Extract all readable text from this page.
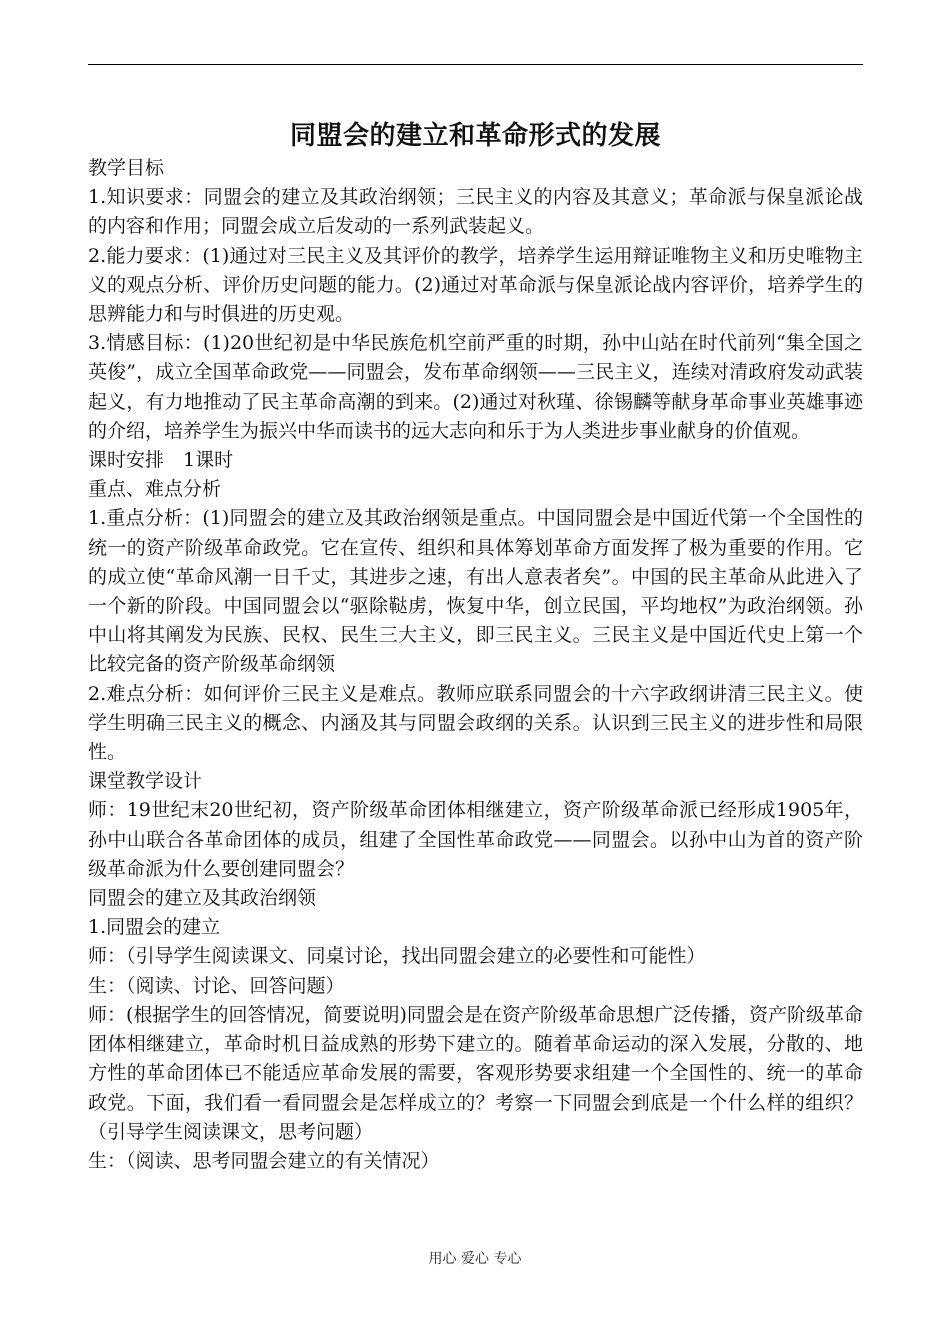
同盟会的建立和革命形式的发展

教学目标

1.知识要求：同盟会的建立及其政治纲领；三民主义的内容及其意义；革命派与保皇派论战的内容和作用；同盟会成立后发动的一系列武装起义。

2.能力要求：(1)通过对三民主义及其评价的教学，培养学生运用辩证唯物主义和历史唯物主义的观点分析、评价历史问题的能力。(2)通过对革命派与保皇派论战内容评价，培养学生的思辨能力和与时俱进的历史观。

3.情感目标：(1)20世纪初是中华民族危机空前严重的时期，孙中山站在时代前列“集全国之英俊”，成立全国革命政党——同盟会，发布革命纲领——三民主义，连续对清政府发动武装起义，有力地推动了民主革命高潮的到来。(2)通过对秋瑾、徐锡麟等献身革命事业英雄事迹的介绍，培养学生为振兴中华而读书的远大志向和乐于为人类进步事业献身的价值观。

课时安排　1课时

重点、难点分析

1.重点分析：(1)同盟会的建立及其政治纲领是重点。中国同盟会是中国近代第一个全国性的统一的资产阶级革命政党。它在宣传、组织和具体筹划革命方面发挥了极为重要的作用。它的成立使“革命风潮一日千丈，其进步之速，有出人意表者矣”。中国的民主革命从此进入了一个新的阶段。中国同盟会以“驱除鞑虏，恢复中华，创立民国，平均地权”为政治纲领。孙中山将其阐发为民族、民权、民生三大主义，即三民主义。三民主义是中国近代史上第一个比较完备的资产阶级革命纲领

2.难点分析：如何评价三民主义是难点。教师应联系同盟会的十六字政纲讲清三民主义。使学生明确三民主义的概念、内涵及其与同盟会政纲的关系。认识到三民主义的进步性和局限性。

课堂教学设计

师：19世纪末20世纪初，资产阶级革命团体相继建立，资产阶级革命派已经形成1905年，孙中山联合各革命团体的成员，组建了全国性革命政党——同盟会。以孙中山为首的资产阶级革命派为什么要创建同盟会？

同盟会的建立及其政治纲领

1.同盟会的建立

师：（引导学生阅读课文、同桌讨论，找出同盟会建立的必要性和可能性）

生：（阅读、讨论、回答问题）

师：(根据学生的回答情况，简要说明)同盟会是在资产阶级革命思想广泛传播，资产阶级革命团体相继建立，革命时机日益成熟的形势下建立的。随着革命运动的深入发展，分散的、地方性的革命团体已不能适应革命发展的需要，客观形势要求组建一个全国性的、统一的革命政党。下面，我们看一看同盟会是怎样成立的？考察一下同盟会到底是一个什么样的组织？（引导学生阅读课文，思考问题）

生：（阅读、思考同盟会建立的有关情况）

用心 爱心 专心
